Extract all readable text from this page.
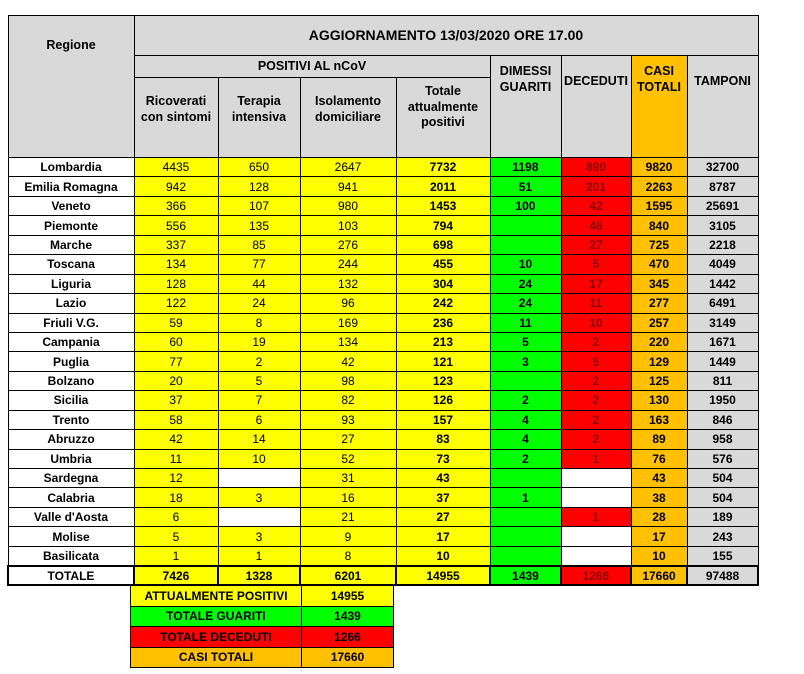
Regione	AGGIORNAMENTO 13/03/2020 ORE 17.00							
	POSITIVI AL nCoV				DIMESSI GUARITI	DECEDUTI	CASI TOTALI	TAMPONI
	Ricoverati con sintomi	Terapia intensiva	Isolamento domiciliare	Totale attualmente positivi				
Lombardia	4435	650	2647	7732	1198	890	9820	32700
Emilia Romagna	942	128	941	2011	51	201	2263	8787
Veneto	366	107	980	1453	100	42	1595	25691
Piemonte	556	135	103	794		46	840	3105
Marche	337	85	276	698		27	725	2218
Toscana	134	77	244	455	10	5	470	4049
Liguria	128	44	132	304	24	17	345	1442
Lazio	122	24	96	242	24	11	277	6491
Friuli V.G.	59	8	169	236	11	10	257	3149
Campania	60	19	134	213	5	2	220	1671
Puglia	77	2	42	121	3	5	129	1449
Bolzano	20	5	98	123		2	125	811
Sicilia	37	7	82	126	2	2	130	1950
Trento	58	6	93	157	4	2	163	846
Abruzzo	42	14	27	83	4	2	89	958
Umbria	11	10	52	73	2	1	76	576
Sardegna	12		31	43			43	504
Calabria	18	3	16	37	1		38	504
Valle d'Aosta	6		21	27		1	28	189
Molise	5	3	9	17			17	243
Basilicata	1	1	8	10			10	155
TOTALE	7426	1328	6201	14955	1439	1266	17660	97488
ATTUALMENTE POSITIVI	14955
TOTALE GUARITI	1439
TOTALE DECEDUTI	1266
CASI TOTALI	17660
